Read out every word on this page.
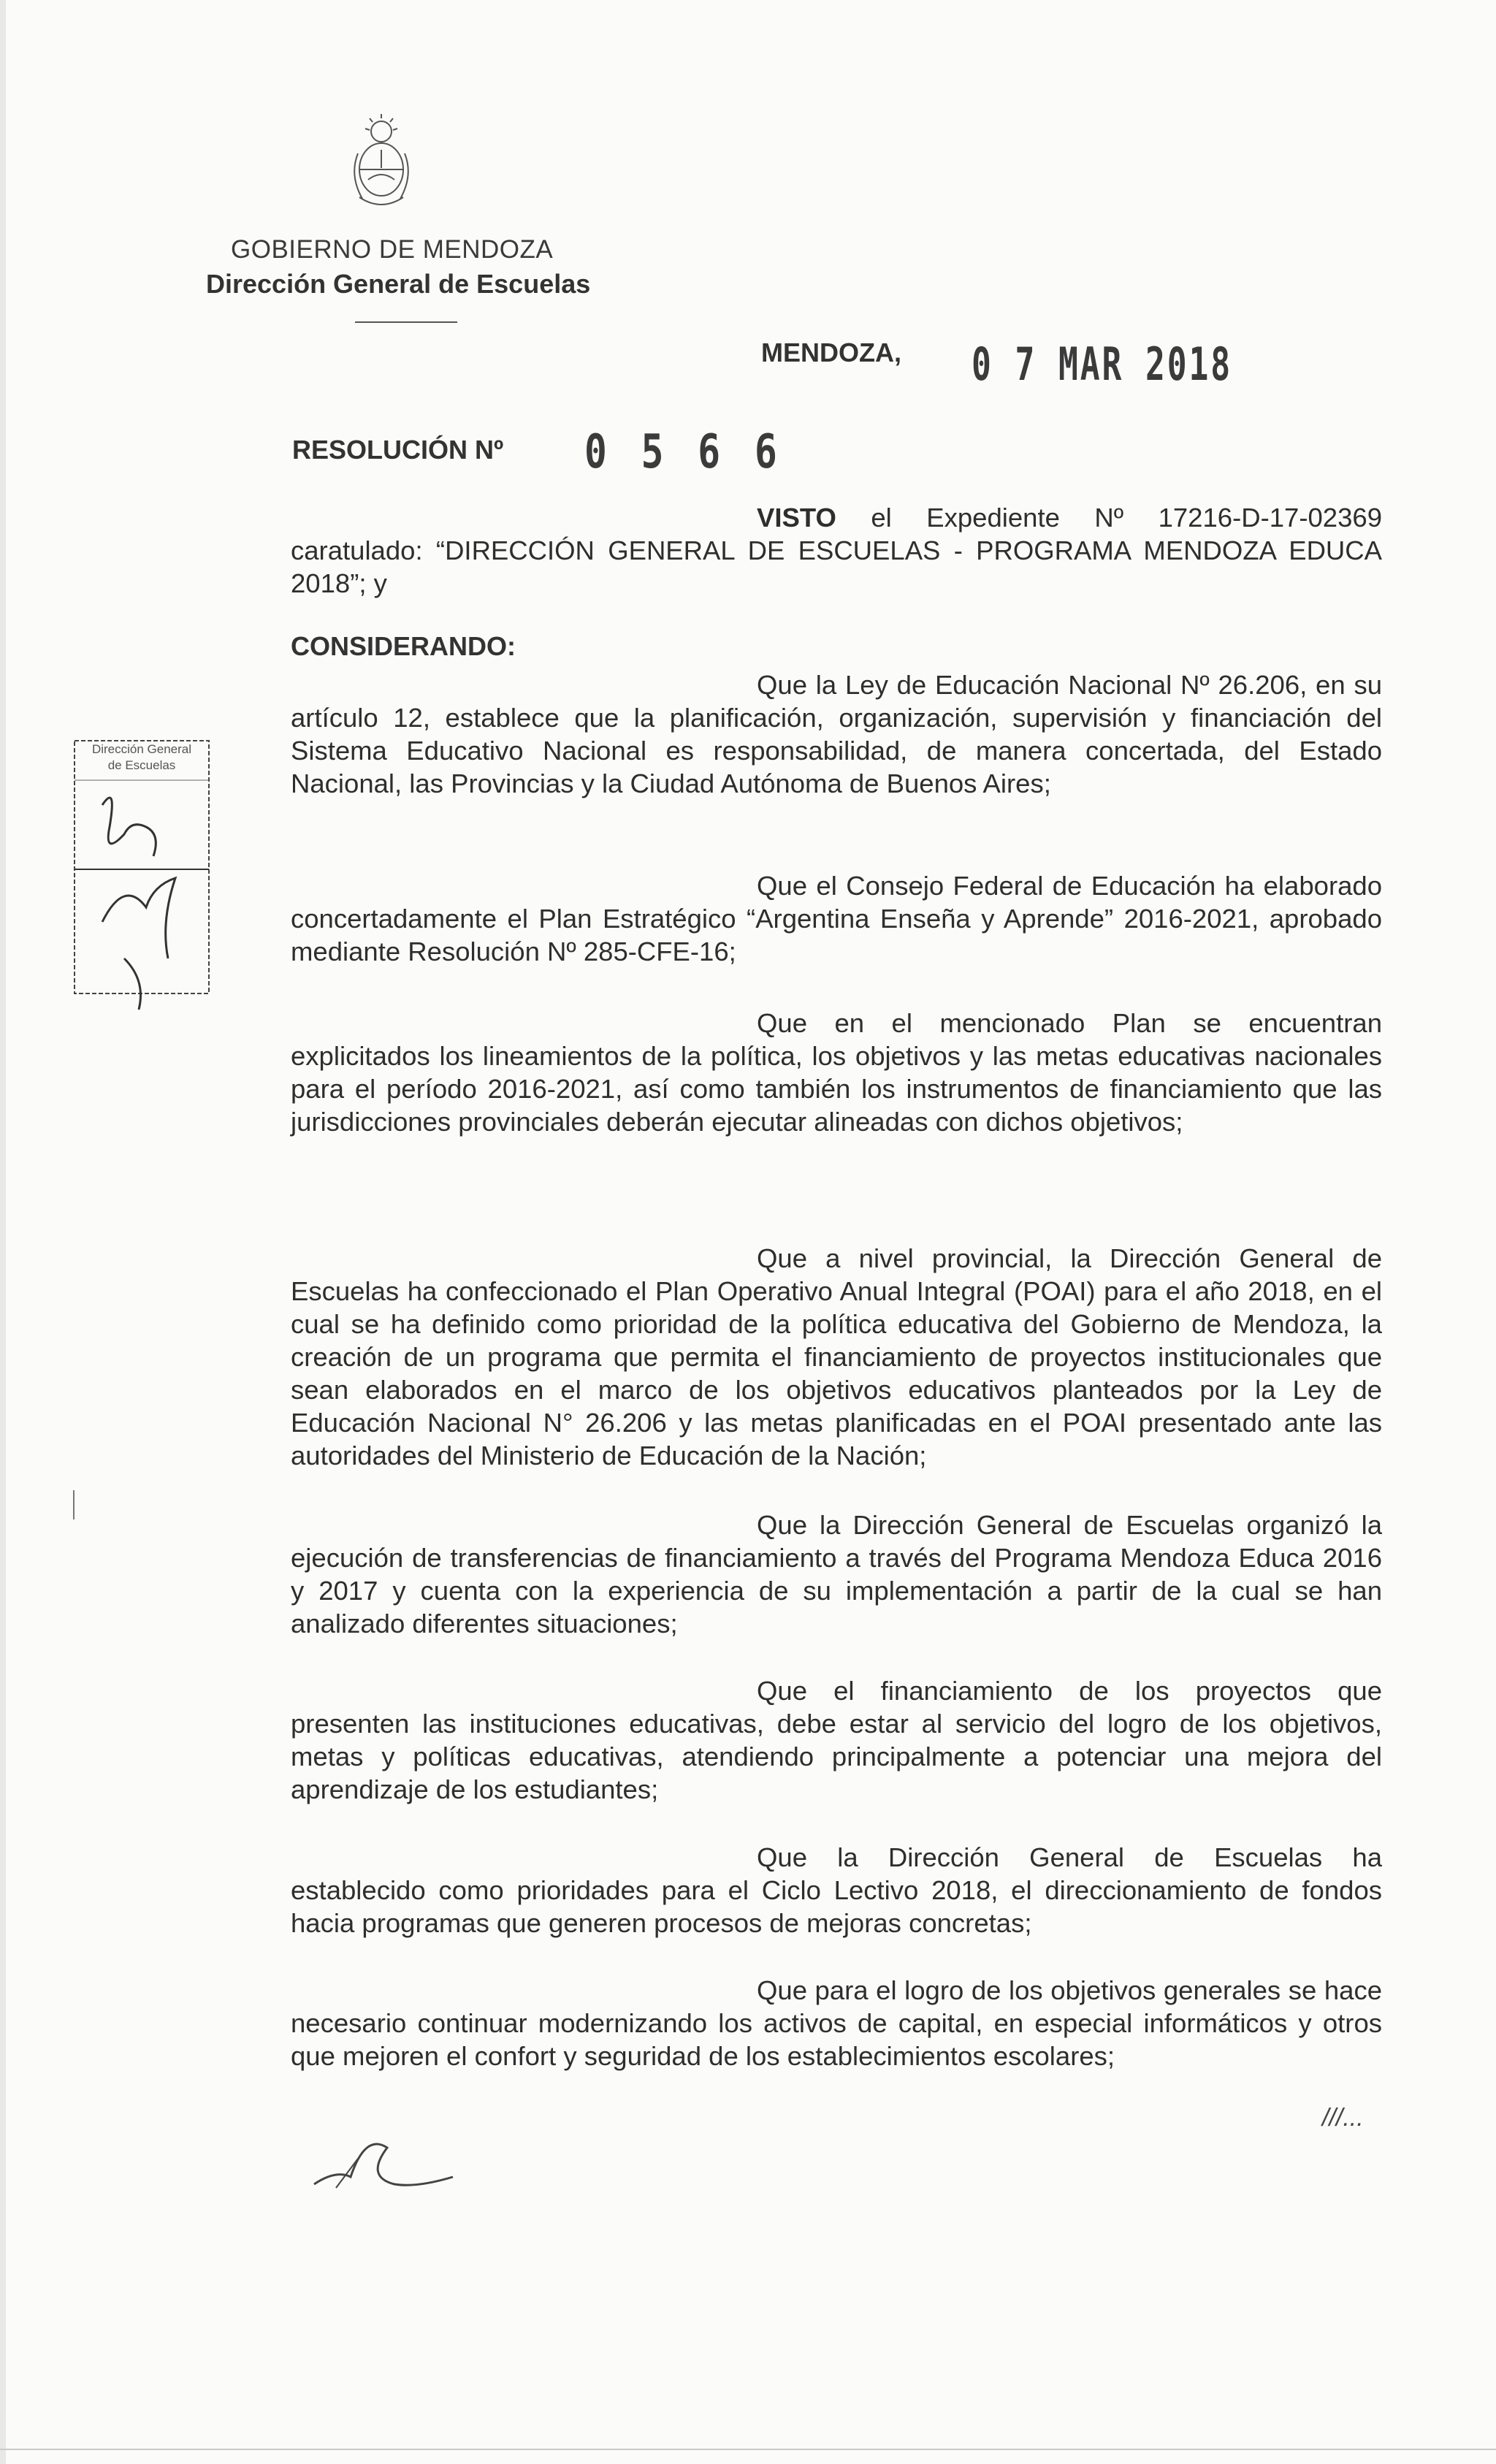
GOBIERNO DE MENDOZA
Dirección General de Escuelas
MENDOZA, 0 7 MAR 2018
RESOLUCIÓN Nº 0 5 6 6
VISTO el Expediente Nº 17216-D-17-02369 caratulado: “DIRECCIÓN GENERAL DE ESCUELAS - PROGRAMA MENDOZA EDUCA 2018”; y
CONSIDERANDO:
Que la Ley de Educación Nacional Nº 26.206, en su artículo 12, establece que la planificación, organización, supervisión y financiación del Sistema Educativo Nacional es responsabilidad, de manera concertada, del Estado Nacional, las Provincias y la Ciudad Autónoma de Buenos Aires;
Que el Consejo Federal de Educación ha elaborado concertadamente el Plan Estratégico “Argentina Enseña y Aprende” 2016-2021, aprobado mediante Resolución Nº 285-CFE-16;
Que en el mencionado Plan se encuentran explicitados los lineamientos de la política, los objetivos y las metas educativas nacionales para el período 2016-2021, así como también los instrumentos de financiamiento que las jurisdicciones provinciales deberán ejecutar alineadas con dichos objetivos;
Que a nivel provincial, la Dirección General de Escuelas ha confeccionado el Plan Operativo Anual Integral (POAI) para el año 2018, en el cual se ha definido como prioridad de la política educativa del Gobierno de Mendoza, la creación de un programa que permita el financiamiento de proyectos institucionales que sean elaborados en el marco de los objetivos educativos planteados por la Ley de Educación Nacional N° 26.206 y las metas planificadas en el POAI presentado ante las autoridades del Ministerio de Educación de la Nación;
Que la Dirección General de Escuelas organizó la ejecución de transferencias de financiamiento a través del Programa Mendoza Educa 2016 y 2017 y cuenta con la experiencia de su implementación a partir de la cual se han analizado diferentes situaciones;
Que el financiamiento de los proyectos que presenten las instituciones educativas, debe estar al servicio del logro de los objetivos, metas y políticas educativas, atendiendo principalmente a potenciar una mejora del aprendizaje de los estudiantes;
Que la Dirección General de Escuelas ha establecido como prioridades para el Ciclo Lectivo 2018, el direccionamiento de fondos hacia programas que generen procesos de mejoras concretas;
Que para el logro de los objetivos generales se hace necesario continuar modernizando los activos de capital, en especial informáticos y otros que mejoren el confort y seguridad de los establecimientos escolares;
///...
Dirección General
de Escuelas
